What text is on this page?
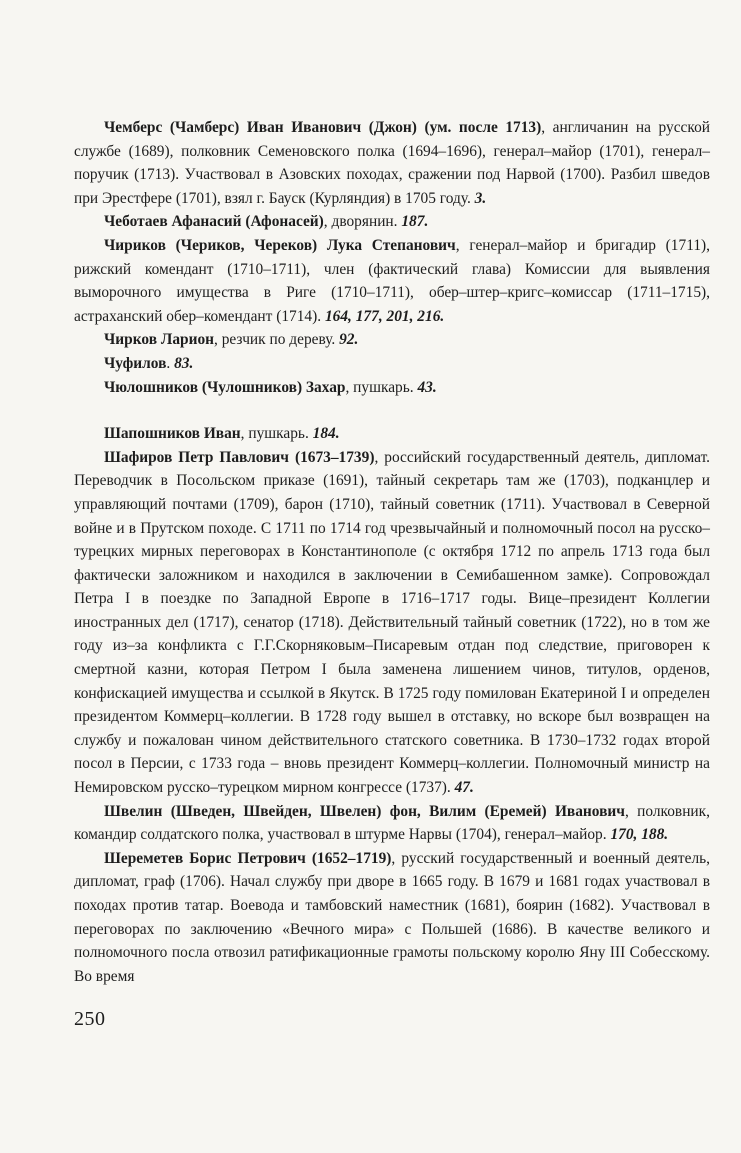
Чемберс (Чамберс) Иван Иванович (Джон) (ум. после 1713), англичанин на русской службе (1689), полковник Семеновского полка (1694–1696), генерал–майор (1701), генерал–поручик (1713). Участвовал в Азовских походах, сражении под Нарвой (1700). Разбил шведов при Эрестфере (1701), взял г. Бауск (Курляндия) в 1705 году. 3.

Чеботаев Афанасий (Афонасей), дворянин. 187.

Чириков (Чериков, Череков) Лука Степанович, генерал–майор и бригадир (1711), рижский комендант (1710–1711), член (фактический глава) Комиссии для выявления выморочного имущества в Риге (1710–1711), обер–штер–кригс–комиссар (1711–1715), астраханский обер–комендант (1714). 164, 177, 201, 216.

Чирков Ларион, резчик по дереву. 92.

Чуфилов. 83.

Чюлошников (Чулошников) Захар, пушкарь. 43.

Шапошников Иван, пушкарь. 184.

Шафиров Петр Павлович (1673–1739), российский государственный деятель, дипломат. Переводчик в Посольском приказе (1691), тайный секретарь там же (1703), подканцлер и управляющий почтами (1709), барон (1710), тайный советник (1711). Участвовал в Северной войне и в Прутском походе. С 1711 по 1714 год чрезвычайный и полномочный посол на русско–турецких мирных переговорах в Константинополе (с октября 1712 по апрель 1713 года был фактически заложником и находился в заключении в Семибашенном замке). Сопровождал Петра I в поездке по Западной Европе в 1716–1717 годы. Вице–президент Коллегии иностранных дел (1717), сенатор (1718). Действительный тайный советник (1722), но в том же году из–за конфликта с Г.Г.Скорняковым–Писаревым отдан под следствие, приговорен к смертной казни, которая Петром I была заменена лишением чинов, титулов, орденов, конфискацией имущества и ссылкой в Якутск. В 1725 году помилован Екатериной I и определен президентом Коммерц–коллегии. В 1728 году вышел в отставку, но вскоре был возвращен на службу и пожалован чином действительного статского советника. В 1730–1732 годах второй посол в Персии, с 1733 года – вновь президент Коммерц–коллегии. Полномочный министр на Немировском русско–турецком мирном конгрессе (1737). 47.

Швелин (Шведен, Швейден, Швелен) фон, Вилим (Еремей) Иванович, полковник, командир солдатского полка, участвовал в штурме Нарвы (1704), генерал–майор. 170, 188.

Шереметев Борис Петрович (1652–1719), русский государственный и военный деятель, дипломат, граф (1706). Начал службу при дворе в 1665 году. В 1679 и 1681 годах участвовал в походах против татар. Воевода и тамбовский наместник (1681), боярин (1682). Участвовал в переговорах по заключению «Вечного мира» с Польшей (1686). В качестве великого и полномочного посла отвозил ратификационные грамоты польскому королю Яну III Собесскому. Во время

250
